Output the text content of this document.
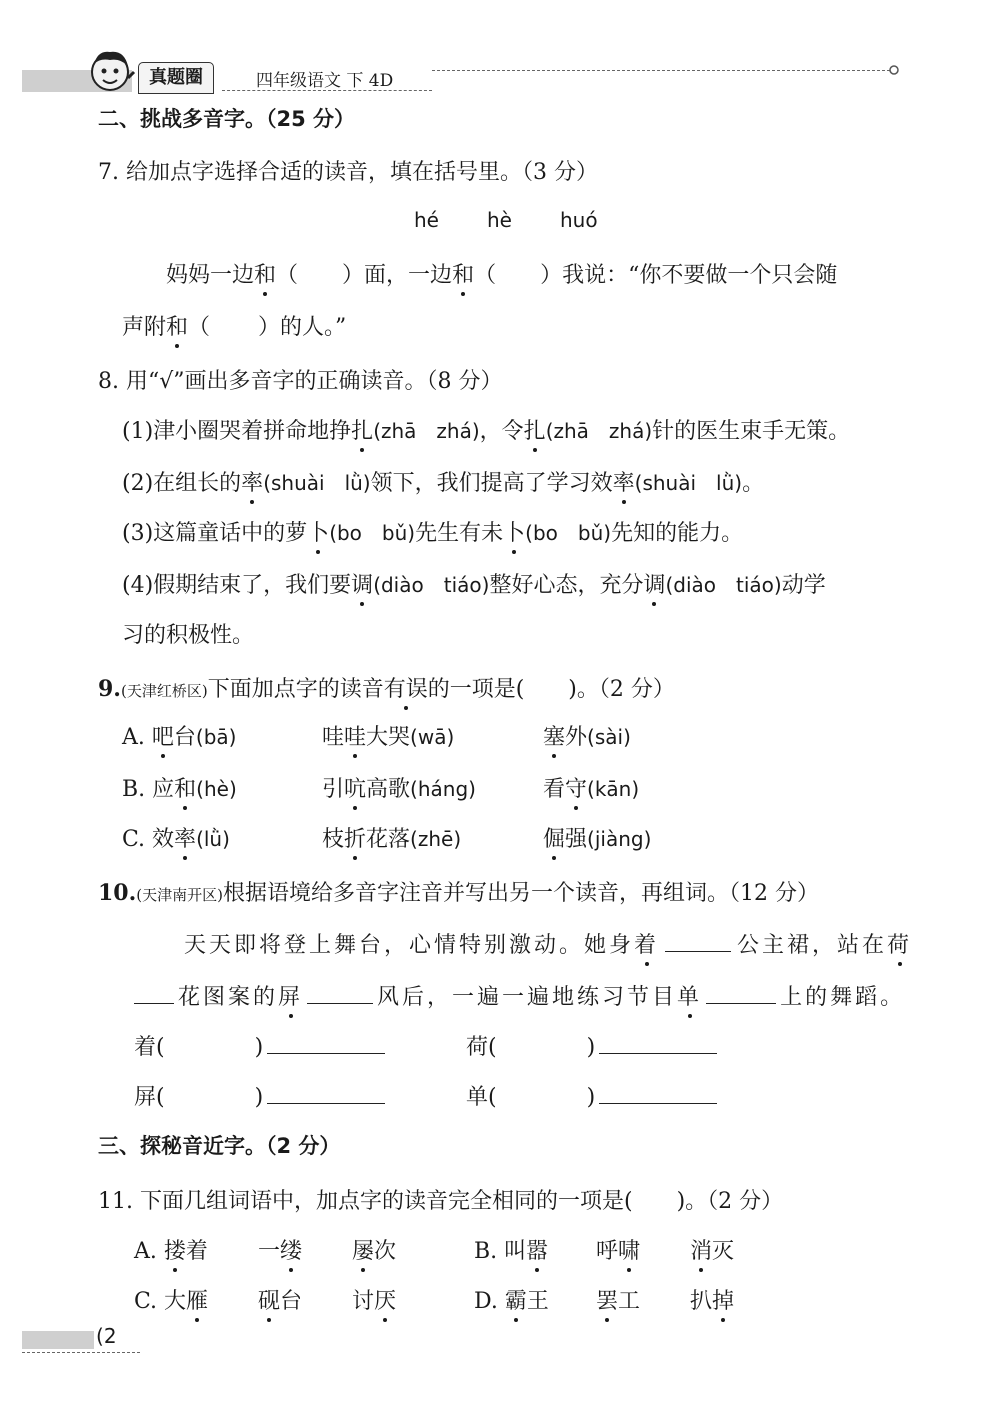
真题圈	四年级语文 下 4D
二、挑战多音字。（25 分）
7. 给加点字选择合适的读音，填在括号里。（3 分）
hé hè huó
妈妈一边和（ ）面，一边和（ ）我说：“你不要做一个只会随
声附和（ ）的人。”
8. 用“√”画出多音字的正确读音。（8 分）
(1)津小圈哭着拼命地挣扎(zhā　zhá)，令扎(zhā　zhá)针的医生束手无策。
(2)在组长的率(shuài　lǜ)领下，我们提高了学习效率(shuài　lǜ)。
(3)这篇童话中的萝卜(bo　bǔ)先生有未卜(bo　bǔ)先知的能力。
(4)假期结束了，我们要调(diào　tiáo)整好心态，充分调(diào　tiáo)动学
习的积极性。
9.(天津红桥区)下面加点字的读音有误的一项是(　　)。（2 分）
A. 吧台(bā)	哇哇大哭(wā)	塞外(sài)
B. 应和(hè)	引吭高歌(háng)	看守(kān)
C. 效率(lǜ)	枝折花落(zhē)	倔强(jiàng)
10.(天津南开区)根据语境给多音字注音并写出另一个读音，再组词。（12 分）
天天即将登上舞台，心情特别激动。她身着	公主裙，站在荷
花图案的屏	风后，一遍一遍地练习节目单	上的舞蹈。
着(	)	荷(	)
屏(	)	单(	)
三、探秘音近字。（2 分）
11. 下面几组词语中，加点字的读音完全相同的一项是(　　)。（2 分）
A. 搂着 一缕 屡次	B. 叫嚣 呼啸 消灭
C. 大雁 砚台 讨厌	D. 霸王 罢工 扒掉
(2
